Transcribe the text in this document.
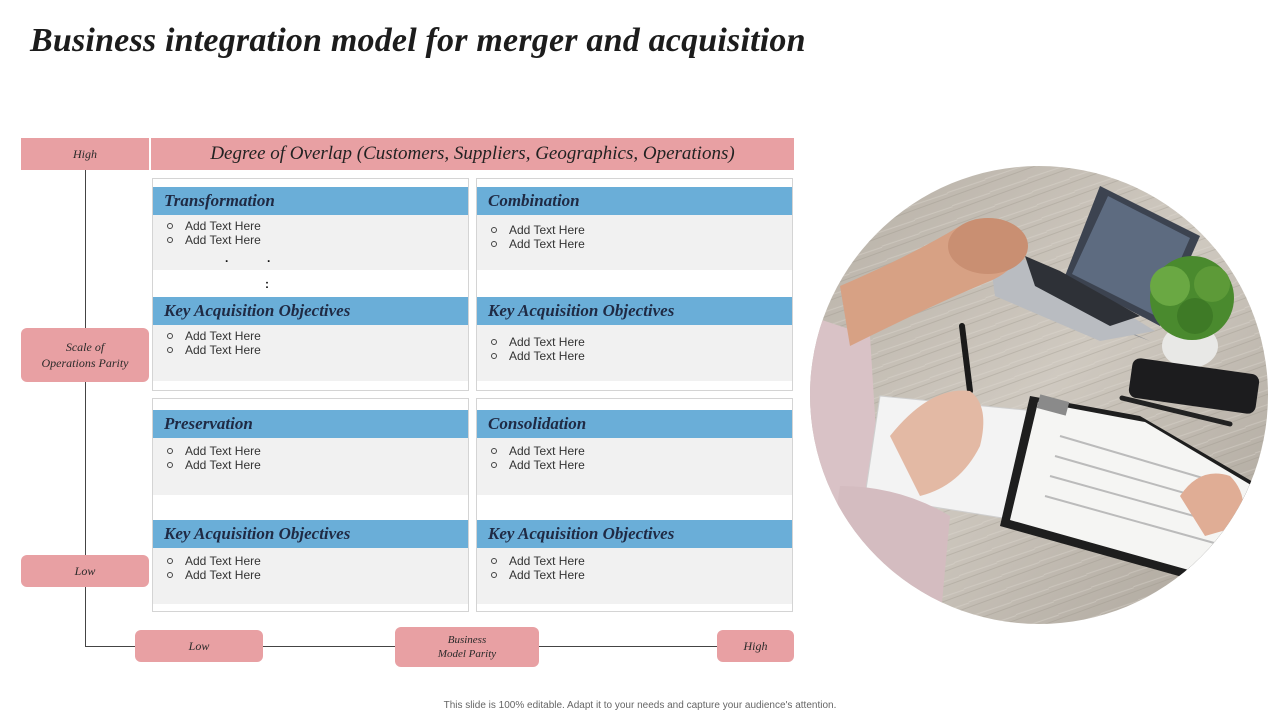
Business integration model for merger and acquisition
High	Degree of Overlap (Customers, Suppliers, Geographics, Operations)
Scale of
Operations Parity
Low
Low	Business
Model Parity
High
Transformation
Add Text Here
Add Text Here
.	.
:
Key Acquisition Objectives
Add Text Here
Add Text Here
Combination
Add Text Here
Add Text Here
Key Acquisition Objectives
Add Text Here
Add Text Here
Preservation
Add Text Here
Add Text Here
Key Acquisition Objectives
Add Text Here
Add Text Here
Consolidation
Add Text Here
Add Text Here
Key Acquisition Objectives
Add Text Here
Add Text Here
This slide is 100% editable. Adapt it to your needs and capture your audience's attention.
